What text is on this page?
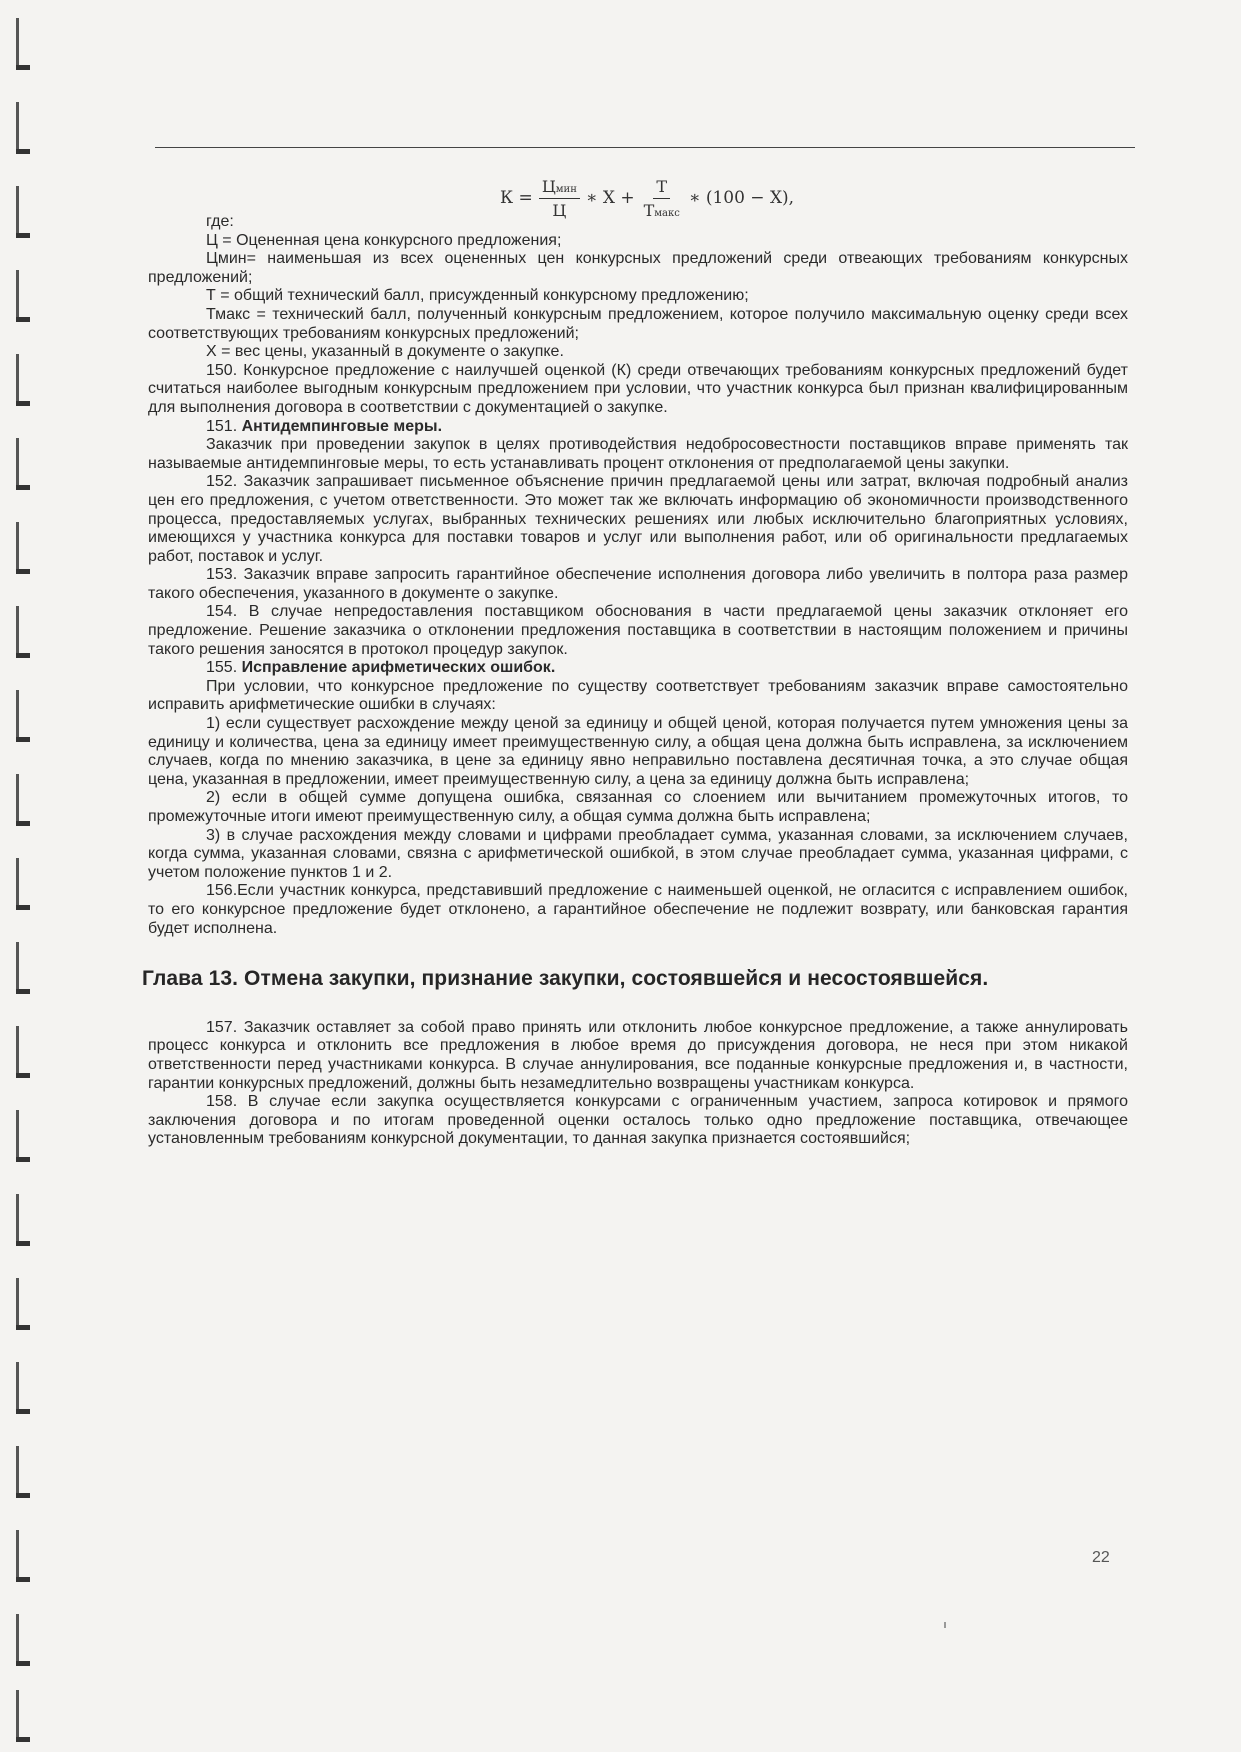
$К = \frac{\text{Цмин}}{Ц}$ ∗ $Х + \frac{Т}{\text{Тмакс}}$ ∗ (100 − Х),

где:

Ц = Оцененная цена конкурсного предложения;

Цмин= наименьшая из всех оцененных цен конкурсных предложений среди отвеающих требованиям конкурсных предложений;

Т = общий технический балл, присужденный конкурсному предложению;

Тмакс = технический балл, полученный конкурсным предложением, которое получило максимальную оценку среди всех соответствующих требованиям конкурсных предложений;

Х = вес цены, указанный в документе о закупке.

150. Конкурсное предложение с наилучшей оценкой (К) среди отвечающих требованиям конкурсных предложений будет считаться наиболее выгодным конкурсным предложением при условии, что участник конкурса был признан квалифицированным для выполнения договора в соответствии с документацией о закупке.

151. Антидемпинговые меры.

Заказчик при проведении закупок в целях противодействия недобросовестности поставщиков вправе применять так называемые антидемпинговые меры, то есть устанавливать процент отклонения от предполагаемой цены закупки.

152. Заказчик запрашивает письменное объяснение причин предлагаемой цены или затрат, включая подробный анализ цен его предложения, с учетом ответственности. Это может так же включать информацию об экономичности производственного процесса, предоставляемых услугах, выбранных технических решениях или любых исключительно благоприятных условиях, имеющихся у участника конкурса для поставки товаров и услуг или выполнения работ, или об оригинальности предлагаемых работ, поставок и услуг.

153. Заказчик вправе запросить гарантийное обеспечение исполнения договора либо увеличить в полтора раза размер такого обеспечения, указанного в документе о закупке.

154. В случае непредоставления поставщиком обоснования в части предлагаемой цены заказчик отклоняет его предложение. Решение заказчика о отклонении предложения поставщика в соответствии в настоящим положением и причины такого решения заносятся в протокол процедур закупок.

155. Исправление арифметических ошибок.

При условии, что конкурсное предложение по существу соответствует требованиям заказчик вправе самостоятельно исправить арифметические ошибки в случаях:

1) если существует расхождение между ценой за единицу и общей ценой, которая получается путем умножения цены за единицу и количества, цена за единицу имеет преимущественную силу, а общая цена должна быть исправлена, за исключением случаев, когда по мнению заказчика, в цене за единицу явно неправильно поставлена десятичная точка, а это случае общая цена, указанная в предложении, имеет преимущественную силу, а цена за единицу должна быть исправлена;

2) если в общей сумме допущена ошибка, связанная со слоением или вычитанием промежуточных итогов, то промежуточные итоги имеют преимущественную силу, а общая сумма должна быть исправлена;

3) в случае расхождения между словами и цифрами преобладает сумма, указанная словами, за исключением случаев, когда сумма, указанная словами, связна с арифметической ошибкой, в этом случае преобладает сумма, указанная цифрами, с учетом положение пунктов 1 и 2.

156.Если участник конкурса, представивший предложение с наименьшей оценкой, не огласится с исправлением ошибок, то его конкурсное предложение будет отклонено, а гарантийное обеспечение не подлежит возврату, или банковская гарантия будет исполнена.

Глава 13. Отмена закупки, признание закупки, состоявшейся и несостоявшейся.

157. Заказчик оставляет за собой право принять или отклонить любое конкурсное предложение, а также аннулировать процесс конкурса и отклонить все предложения в любое время до присуждения договора, не неся при этом никакой ответственности перед участниками конкурса. В случае аннулирования, все поданные конкурсные предложения и, в частности, гарантии конкурсных предложений, должны быть незамедлительно возвращены участникам конкурса.

158. В случае если закупка осуществляется конкурсами с ограниченным участием, запроса котировок и прямого заключения договора и по итогам проведенной оценки осталось только одно предложение поставщика, отвечающее установленным требованиям конкурсной документации, то данная закупка признается состоявшийся;

22
